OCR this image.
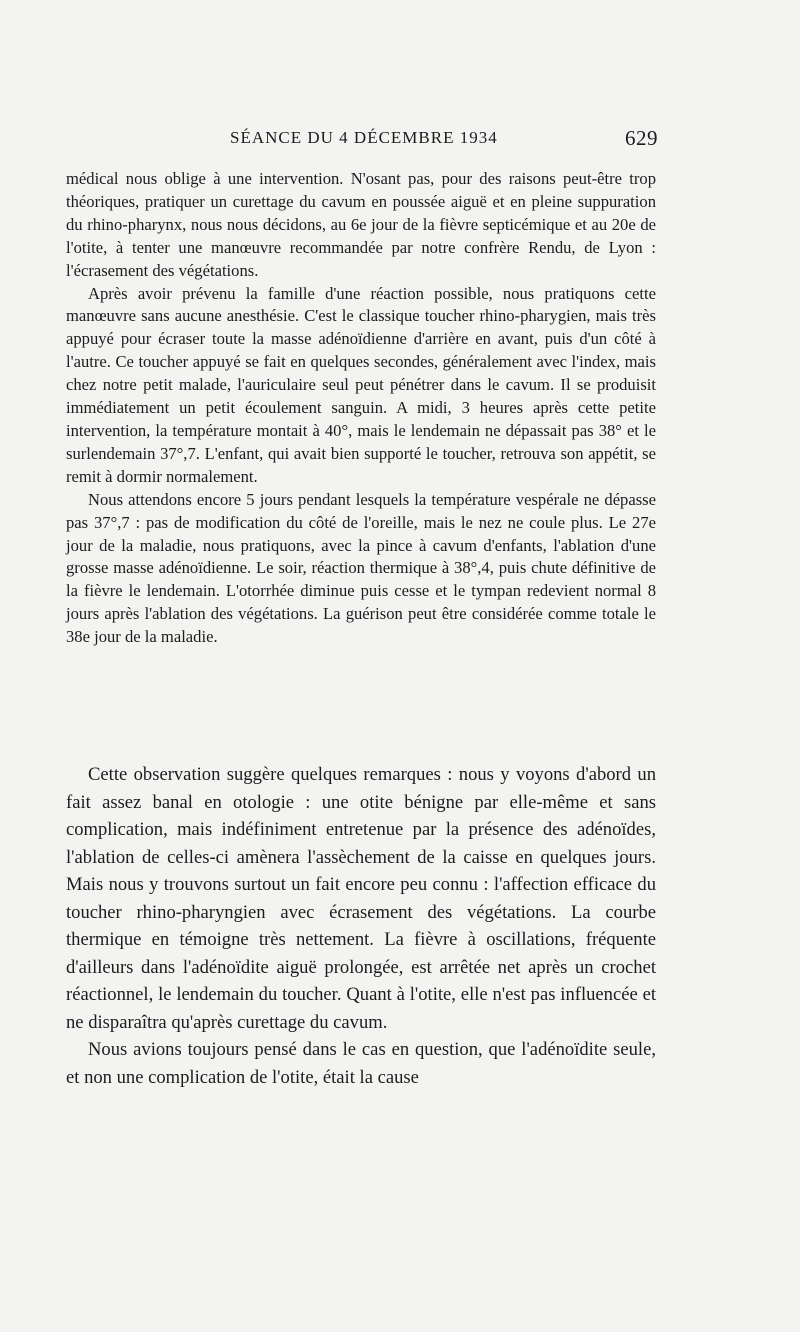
SÉANCE DU 4 DÉCEMBRE 1934	629

médical nous oblige à une intervention. N'osant pas, pour des raisons peut-être trop théoriques, pratiquer un curettage du cavum en poussée aiguë et en pleine suppuration du rhino-pharynx, nous nous décidons, au 6e jour de la fièvre septicémique et au 20e de l'otite, à tenter une manœuvre recommandée par notre confrère Rendu, de Lyon : l'écrasement des végétations.

Après avoir prévenu la famille d'une réaction possible, nous pratiquons cette manœuvre sans aucune anesthésie. C'est le classique toucher rhino-pharygien, mais très appuyé pour écraser toute la masse adénoïdienne d'arrière en avant, puis d'un côté à l'autre. Ce toucher appuyé se fait en quelques secondes, généralement avec l'index, mais chez notre petit malade, l'auriculaire seul peut pénétrer dans le cavum. Il se produisit immédiatement un petit écoulement sanguin. A midi, 3 heures après cette petite intervention, la température montait à 40°, mais le lendemain ne dépassait pas 38° et le surlendemain 37°,7. L'enfant, qui avait bien supporté le toucher, retrouva son appétit, se remit à dormir normalement.

Nous attendons encore 5 jours pendant lesquels la température vespérale ne dépasse pas 37°,7 : pas de modification du côté de l'oreille, mais le nez ne coule plus. Le 27e jour de la maladie, nous pratiquons, avec la pince à cavum d'enfants, l'ablation d'une grosse masse adénoïdienne. Le soir, réaction thermique à 38°,4, puis chute définitive de la fièvre le lendemain. L'otorrhée diminue puis cesse et le tympan redevient normal 8 jours après l'ablation des végétations. La guérison peut être considérée comme totale le 38e jour de la maladie.

Cette observation suggère quelques remarques : nous y voyons d'abord un fait assez banal en otologie : une otite bénigne par elle-même et sans complication, mais indéfiniment entretenue par la présence des adénoïdes, l'ablation de celles-ci amènera l'assèchement de la caisse en quelques jours. Mais nous y trouvons surtout un fait encore peu connu : l'affection efficace du toucher rhino-pharyngien avec écrasement des végétations. La courbe thermique en témoigne très nettement. La fièvre à oscillations, fréquente d'ailleurs dans l'adénoïdite aiguë prolongée, est arrêtée net après un crochet réactionnel, le lendemain du toucher. Quant à l'otite, elle n'est pas influencée et ne disparaîtra qu'après curettage du cavum.

Nous avions toujours pensé dans le cas en question, que l'adénoïdite seule, et non une complication de l'otite, était la cause
